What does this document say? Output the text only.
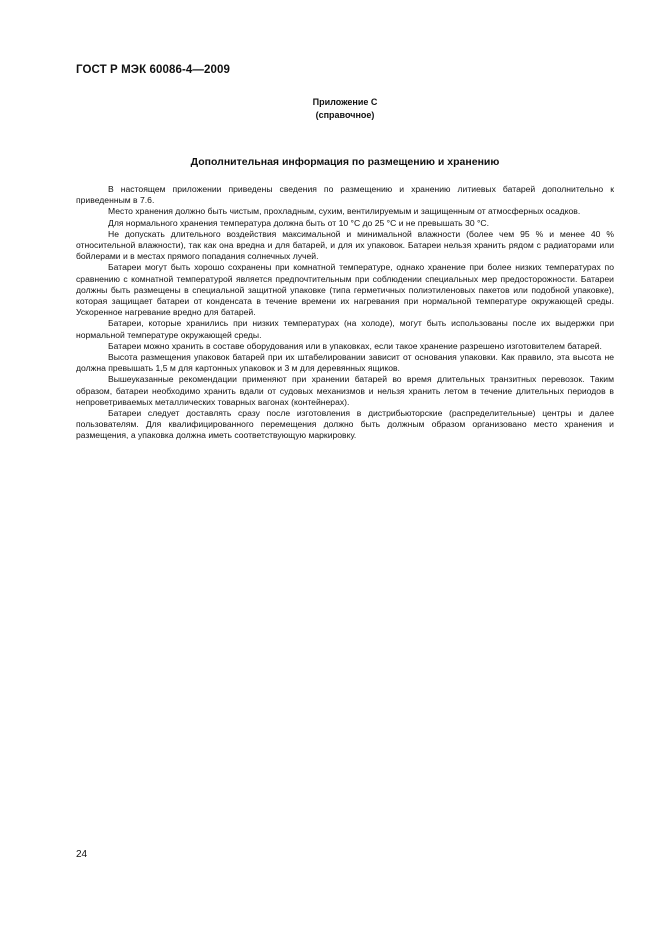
ГОСТ Р МЭК 60086-4—2009
Приложение С
(справочное)
Дополнительная информация по размещению и хранению

В настоящем приложении приведены сведения по размещению и хранению литиевых батарей дополнительно к приведенным в 7.6.

Место хранения должно быть чистым, прохладным, сухим, вентилируемым и защищенным от атмосферных осадков.

Для нормального хранения температура должна быть от 10 °С до 25 °С и не превышать 30 °С.

Не допускать длительного воздействия максимальной и минимальной влажности (более чем 95 % и менее 40 % относительной влажности), так как она вредна и для батарей, и для их упаковок. Батареи нельзя хранить рядом с радиаторами или бойлерами и в местах прямого попадания солнечных лучей.

Батареи могут быть хорошо сохранены при комнатной температуре, однако хранение при более низких температурах по сравнению с комнатной температурой является предпочтительным при соблюдении специальных мер предосторожности. Батареи должны быть размещены в специальной защитной упаковке (типа герметичных полиэтиленовых пакетов или подобной упаковке), которая защищает батареи от конденсата в течение времени их нагревания при нормальной температуре окружающей среды. Ускоренное нагревание вредно для батарей.

Батареи, которые хранились при низких температурах (на холоде), могут быть использованы после их выдержки при нормальной температуре окружающей среды.

Батареи можно хранить в составе оборудования или в упаковках, если такое хранение разрешено изготовителем батарей.

Высота размещения упаковок батарей при их штабелировании зависит от основания упаковки. Как правило, эта высота не должна превышать 1,5 м для картонных упаковок и 3 м для деревянных ящиков.

Вышеуказанные рекомендации применяют при хранении батарей во время длительных транзитных перевозок. Таким образом, батареи необходимо хранить вдали от судовых механизмов и нельзя хранить летом в течение длительных периодов в непроветриваемых металлических товарных вагонах (контейнерах).

Батареи следует доставлять сразу после изготовления в дистрибьюторские (распределительные) центры и далее пользователям. Для квалифицированного перемещения должно быть должным образом организовано место хранения и размещения, а упаковка должна иметь соответствующую маркировку.

24
